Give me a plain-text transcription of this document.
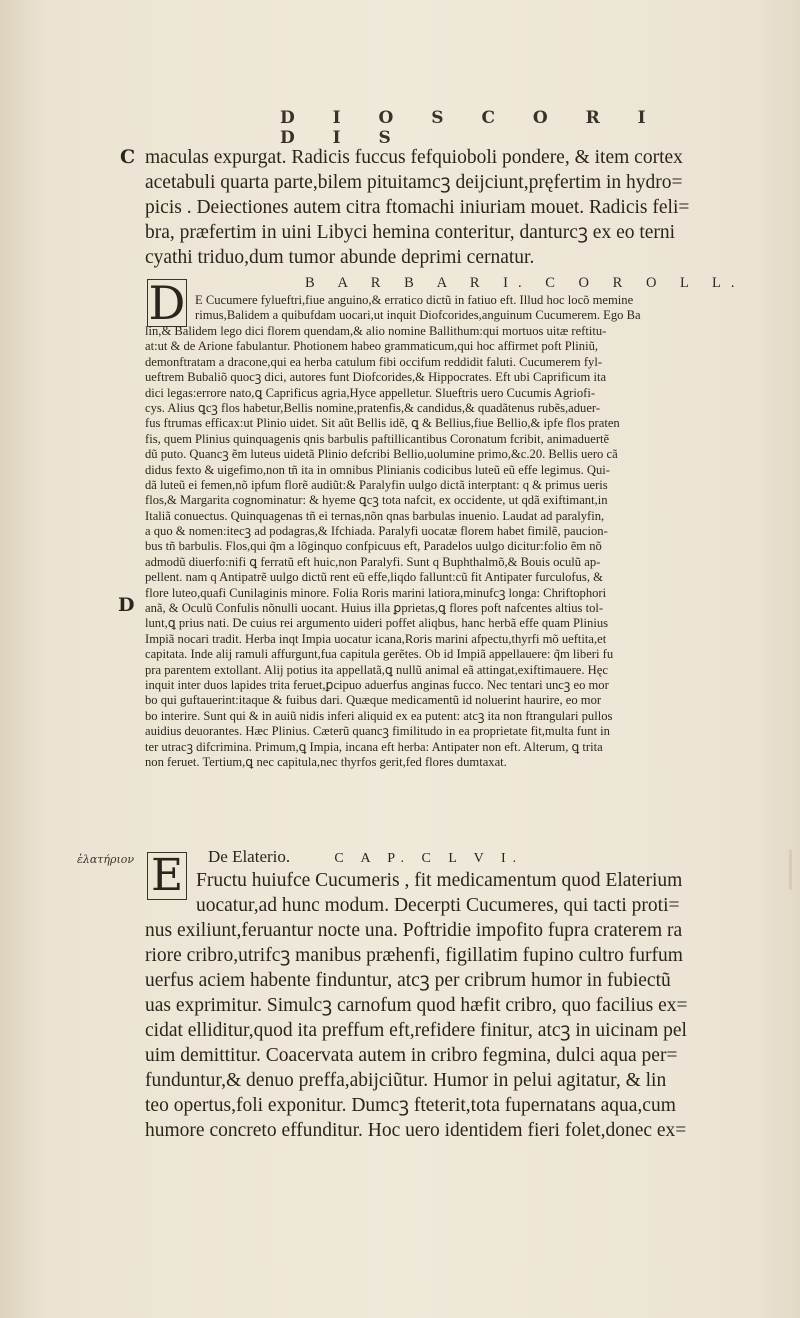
D I O S C O R I D I S
C
D
ἐλατήριον
maculas expurgat. Radicis fuccus fefquioboli pondere, & item cortex
acetabuli quarta parte,bilem pituitamcꝫ deijciunt,pręfertim in hydro=
picis . Deiectiones autem citra ftomachi iniuriam mouet. Radicis feli=
bra, præfertim in uini Libyci hemina conteritur, danturcꝫ ex eo terni
cyathi triduo,dum tumor abunde deprimi cernatur.
B A R B A R I. C O R O L L.
D E Cucumere fylueftri,fiue anguino,& erratico dictũ in fatiuo eft. Illud hoc locõ memine
rimus,Balidem a quibufdam uocari,ut inquit Diofcorides,anguinum Cucumerem. Ego Ba
lin,& Balidem lego dici florem quendam,& alio nomine Ballithum:qui mortuos uitæ reftitu-
at:ut & de Arione fabulantur. Photionem habeo grammaticum,qui hoc affirmet poft Pliniũ,
demonftratam a dracone,qui ea herba catulum fibi occifum reddidit faluti. Cucumerem fyl-
ueftrem Bubaliõ quocꝫ dici, autores funt Diofcorides,& Hippocrates. Eft ubi Caprificum ita
dici legas:errore nato,ꝗ Caprificus agria,Hyce appelletur. Slueftris uero Cucumis Agriofi-
cys. Alius ꝗcꝫ flos habetur,Bellis nomine,pratenfis,& candidus,& quadãtenus rubẽs,aduer-
fus ftrumas efficax:ut Plinio uidet. Sit aũt Bellis idẽ, ꝗ & Bellius,fiue Bellio,& ipfe flos praten
fis, quem Plinius quinquagenis qnis barbulis paftillicantibus Coronatum fcribit, animaduertẽ
dũ puto. Quancꝫ ẽm luteus uidetã Plinio defcribi Bellio,uolumine primo,&c.20. Bellis uero cã
didus fexto & uigefimo,non tñ ita in omnibus Plinianis codicibus luteũ eũ effe legimus. Qui-
dã luteũ ei femen,nõ ipfum florẽ audiũt:& Paralyfin uulgo dictã interptant: q & primus ueris
flos,& Margarita cognominatur: & hyeme ꝗcꝫ tota nafcit, ex occidente, ut qdã exiftimant,in
Italiã conuectus. Quinquagenas tñ ei ternas,nõn qnas barbulas inuenio. Laudat ad paralyfin,
a quo & nomen:itecꝫ ad podagras,& Ifchiada. Paralyfi uocatæ florem habet fimilẽ, paucion-
bus tñ barbulis. Flos,qui q̃m a lõginquo confpicuus eft, Paradelos uulgo dicitur:folio ẽm nõ
admodũ diuerfo:nifi ꝗ ferratũ eft huic,non Paralyfi. Sunt q Buphthalmõ,& Bouis oculũ ap-
pellent. nam q Antipatrẽ uulgo dictũ rent eũ effe,liqdo fallunt:cũ fit Antipater furculofus, &
flore luteo,quafi Cunilaginis minore. Folia Roris marini latiora,minufcꝫ longa: Chriftophori
anã, & Oculũ Confulis nõnulli uocant. Huius illa ꝑprietas,ꝗ flores poft nafcentes altius tol-
lunt,ꝗ prius nati. De cuius rei argumento uideri poffet aliqbus, hanc herbã effe quam Plinius
Impiã nocari tradit. Herba inqt Impia uocatur icana,Roris marini afpectu,thyrfi mõ ueftita,et
capitata. Inde alij ramuli affurgunt,fua capitula gerẽtes. Ob id Impiã appellauere: q̃m liberi fu
pra parentem extollant. Alij potius ita appellatã,ꝗ nullũ animal eã attingat,exiftimauere. Hęc
inquit inter duos lapides trita feruet,ꝑcipuo aduerfus anginas fucco. Nec tentari uncꝫ eo mor
bo qui guftauerint:itaque & fuibus dari. Quæque medicamentũ id noluerint haurire, eo mor
bo interire. Sunt qui & in auiũ nidis inferi aliquid ex ea putent: atcꝫ ita non ftrangulari pullos
auidius deuorantes. Hæc Plinius. Cæterũ quancꝫ fimilitudo in ea proprietate fit,multa funt in
ter utracꝫ difcrimina. Primum,ꝗ Impia, incana eft herba: Antipater non eft. Alterum, ꝗ trita
non feruet. Tertium,ꝗ nec capitula,nec thyrfos gerit,fed flores dumtaxat.
E De Elaterio.	C A P. C L V I.
Fructu huiufce Cucumeris , fit medicamentum quod Elaterium
uocatur,ad hunc modum. Decerpti Cucumeres, qui tacti proti=
nus exiliunt,feruantur nocte una. Poftridie impofito fupra craterem ra
riore cribro,utrifcꝫ manibus præhenfi, figillatim fupino cultro furfum
uerfus aciem habente finduntur, atcꝫ per cribrum humor in fubiectũ
uas exprimitur. Simulcꝫ carnofum quod hæfit cribro, quo facilius ex=
cidat elliditur,quod ita preffum eft,refidere finitur, atcꝫ in uicinam pel
uim demittitur. Coacervata autem in cribro fegmina, dulci aqua per=
funduntur,& denuo preffa,abijciũtur. Humor in pelui agitatur, & lin
teo opertus,foli exponitur. Dumcꝫ fteterit,tota fupernatans aqua,cum
humore concreto effunditur. Hoc uero identidem fieri folet,donec ex=
